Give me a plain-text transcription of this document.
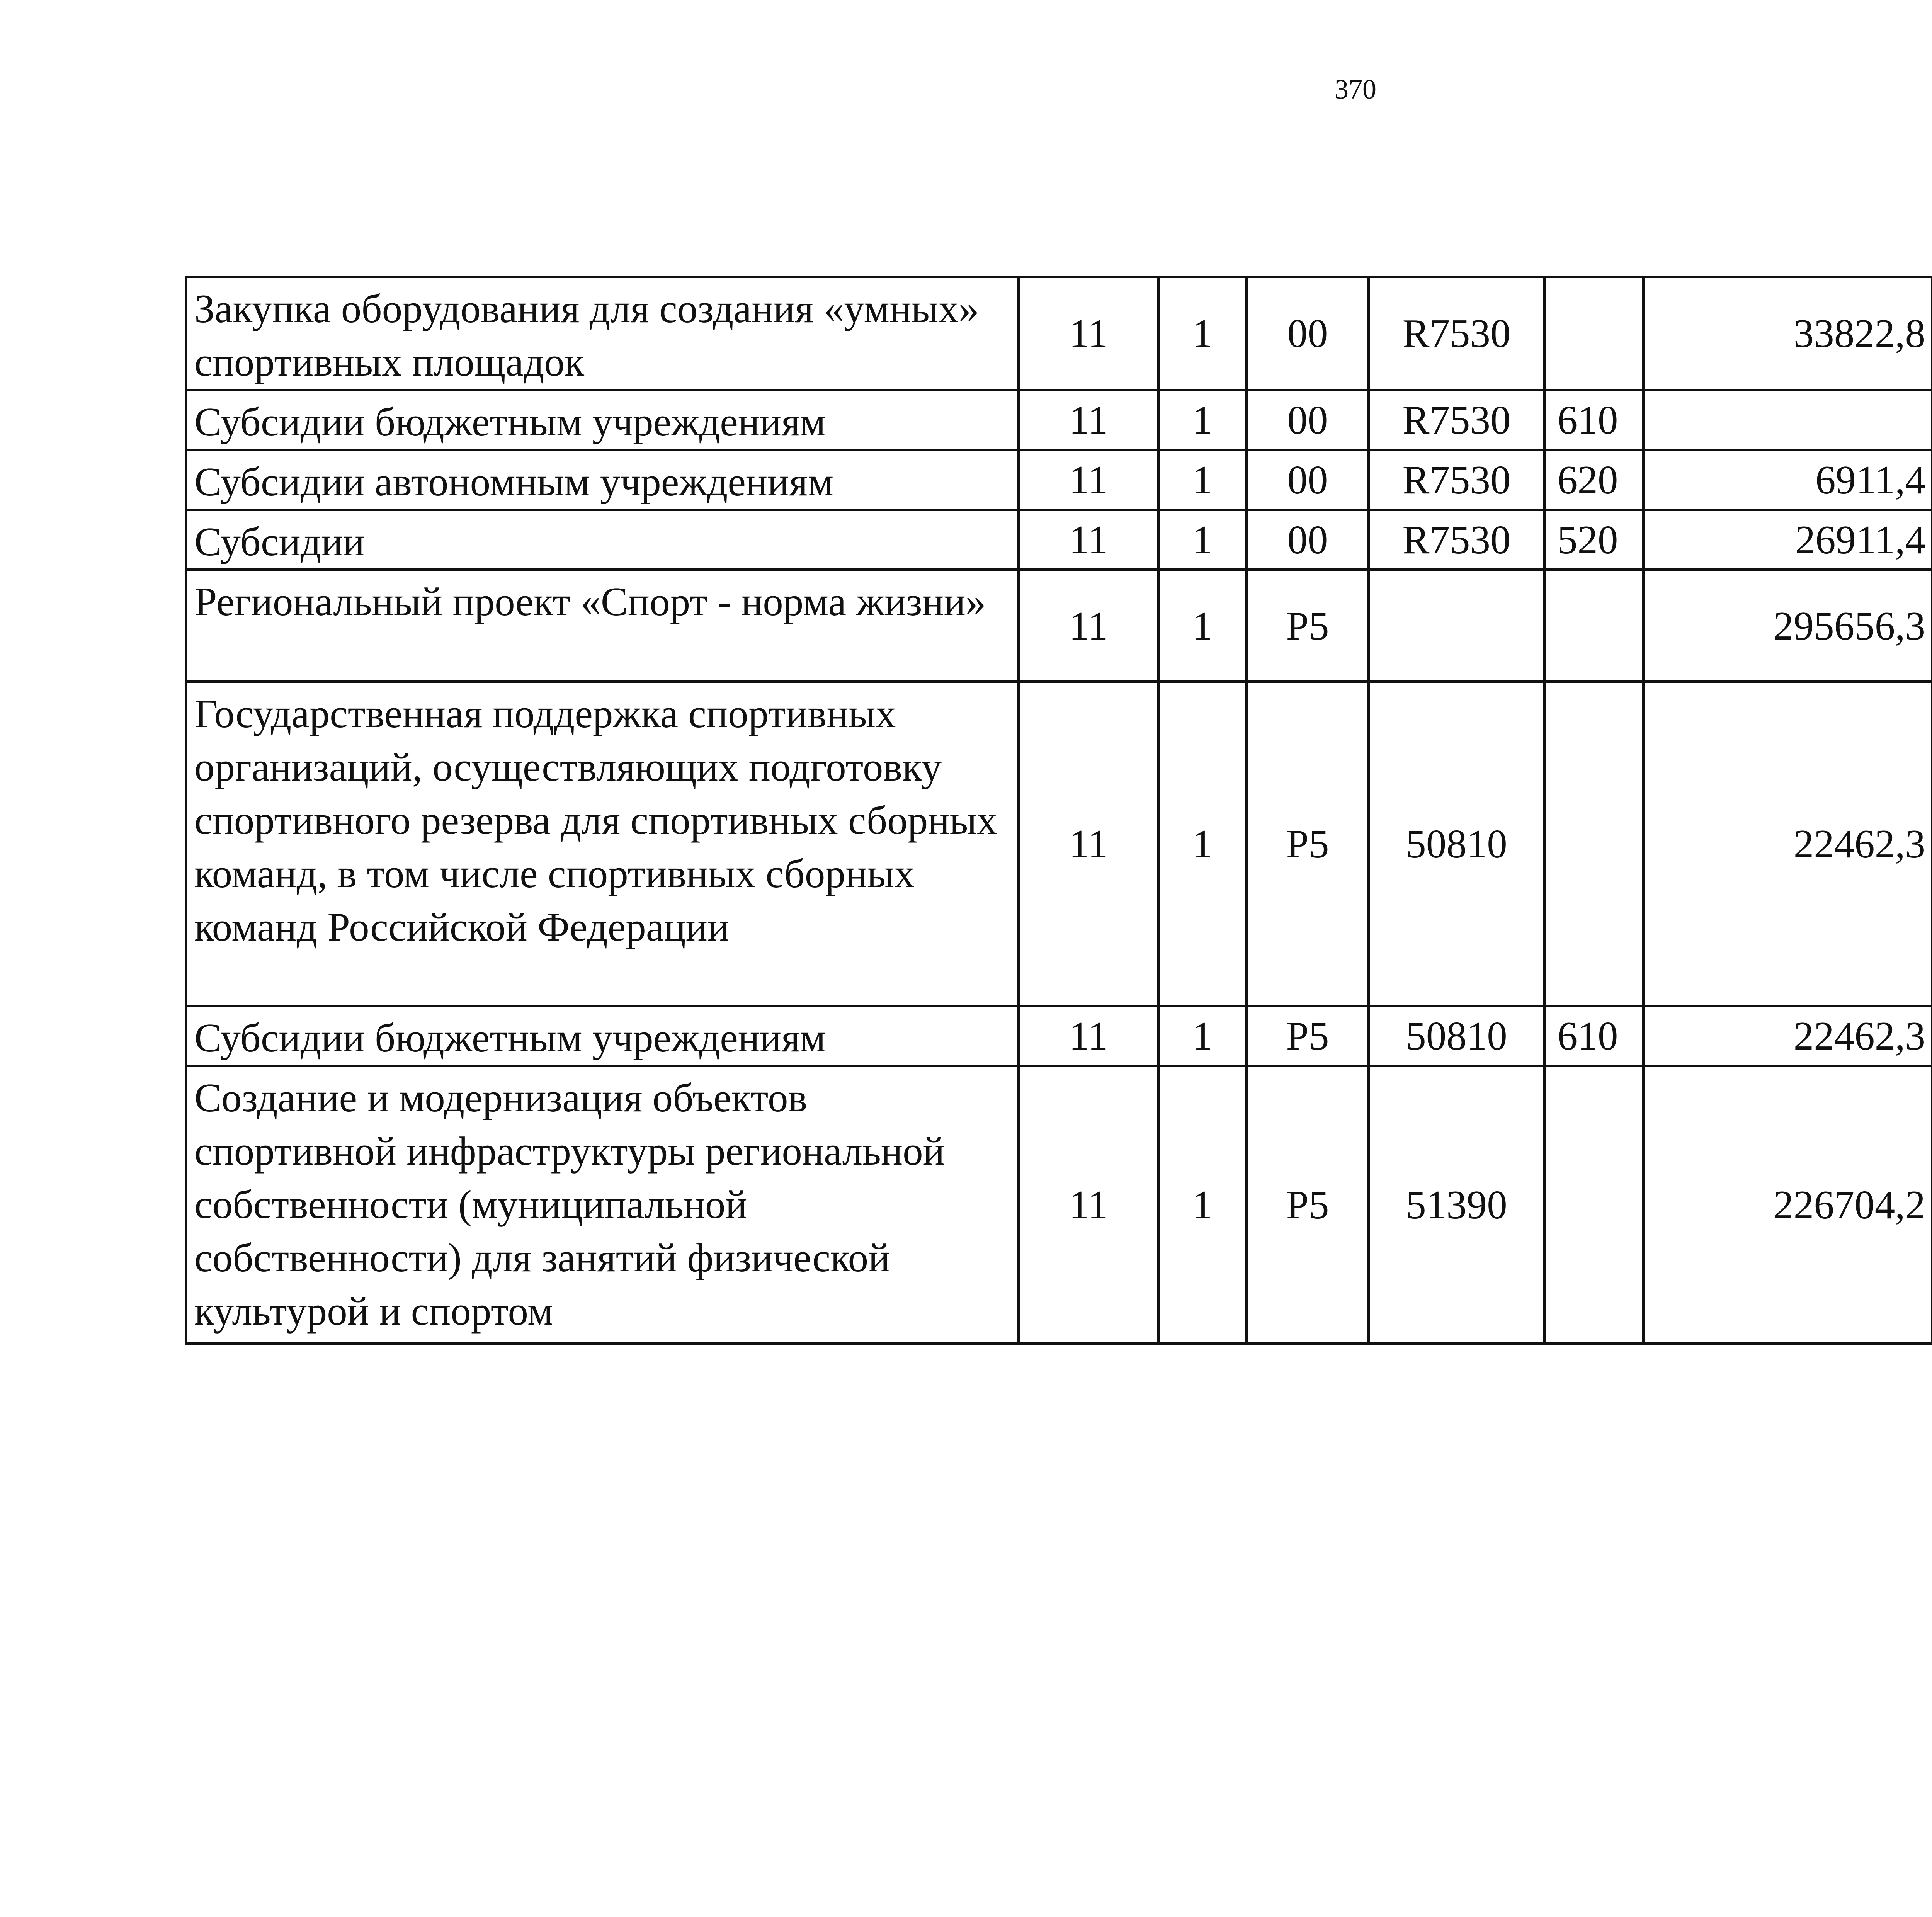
370
Закупка оборудования для создания «умных» спортивных площадок	11	1	00	R7530		33822,8		
Субсидии бюджетным учреждениям	11	1	00	R7530	610			
Субсидии автономным учреждениям	11	1	00	R7530	620	6911,4		
Субсидии	11	1	00	R7530	520	26911,4		
Региональный проект «Спорт - норма жизни»	11	1	P5			295656,3		
Государственная поддержка спортивных организаций, осуществляющих подготовку спортивного резерва для спортивных сборных команд, в том числе спортивных сборных команд Российской Федерации	11	1	P5	50810		22462,3		
Субсидии бюджетным учреждениям	11	1	P5	50810	610	22462,3		
Создание и модернизация объектов спортивной инфраструктуры региональной собственности (муниципальной собственности) для занятий физической культурой и спортом	11	1	P5	51390		226704,2		
